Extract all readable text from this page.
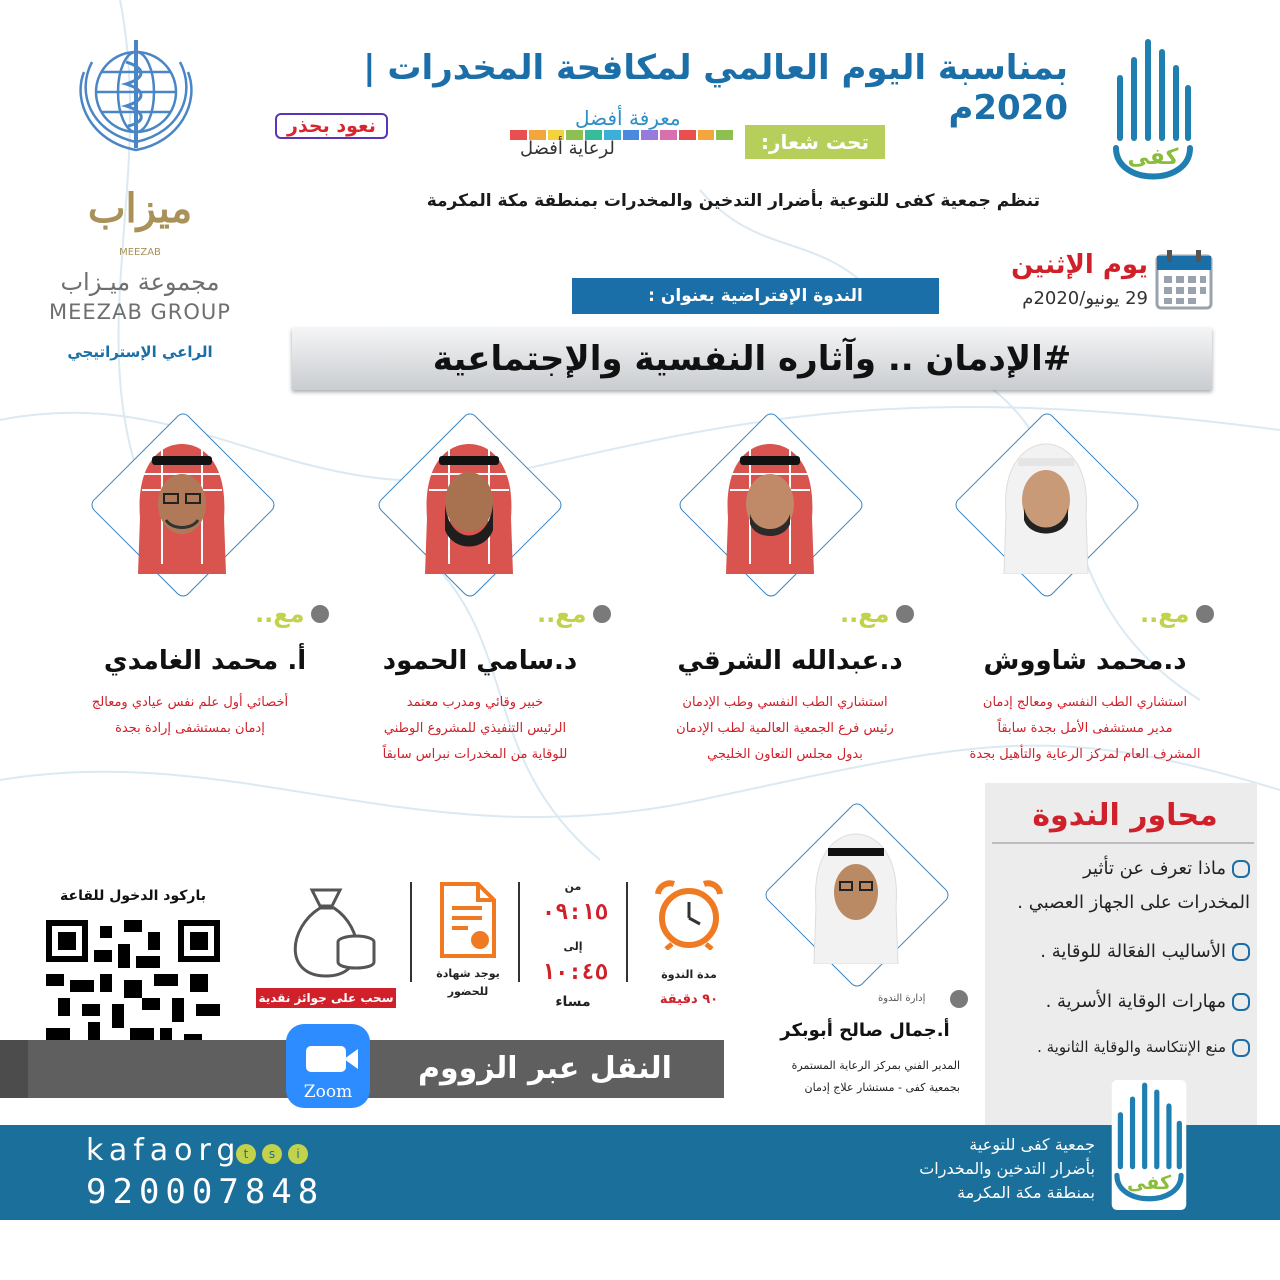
ميزاب
MEEZAB
مجموعة ميـزاب
MEEZAB GROUP
الراعي الإستراتيجي
كفى
بمناسبة اليوم العالمي لمكافحة المخدرات | 2020م
تحت شعار:
معرفة أفضل
لرعاية أفضل
نعود بحذر
تنظم جمعية كفى للتوعية بأضرار التدخين والمخدرات بمنطقة مكة المكرمة
يوم الإثنين
29 يونيو/2020م
الندوة الإفتراضية بعنوان :
#الإدمان .. وآثاره النفسية والإجتماعية
مع..
د.محمد شاووش
استشاري الطب النفسي ومعالج إدمان
مدير مستشفى الأمل بجدة سابقاً
المشرف العام لمركز الرعاية والتأهيل بجدة
مع..
د.عبدالله الشرقي
استشاري الطب النفسي وطب الإدمان
رئيس فرع الجمعية العالمية لطب الإدمان
بدول مجلس التعاون الخليجي
مع..
د.سامي الحمود
خبير وقائي ومدرب معتمد
الرئيس التنفيذي للمشروع الوطني
للوقاية من المخدرات نبراس سابقاً
مع..
أ. محمد الغامدي
أخصائي أول علم نفس عيادي ومعالج
إدمان بمستشفى إرادة بجدة
محاور الندوة
ماذا تعرف عن تأثير المخدرات على الجهاز العصبي .
الأساليب الفعَالة للوقاية .
مهارات الوقاية الأسرية .
منع الإنتكاسة والوقاية الثانوية .
إدارة الندوة
أ.جمال صالح أبوبكر
المدير الفني بمركز الرعاية المستمرة
بجمعية كفى - مستشار علاج إدمان
مدة الندوة
٩٠ دقيقة
من
٠٩:١٥
إلى
١٠:٤٥
مساء
يوجد شهادة للحضور
سحب على جوائز نقدية
باركود الدخول للقاعة
النقل عبر الزووم
Zoom
t	s	i
kafaorg
920007848
جمعية كفى للتوعية
بأضرار التدخين والمخدرات
بمنطقة مكة المكرمة كفى
